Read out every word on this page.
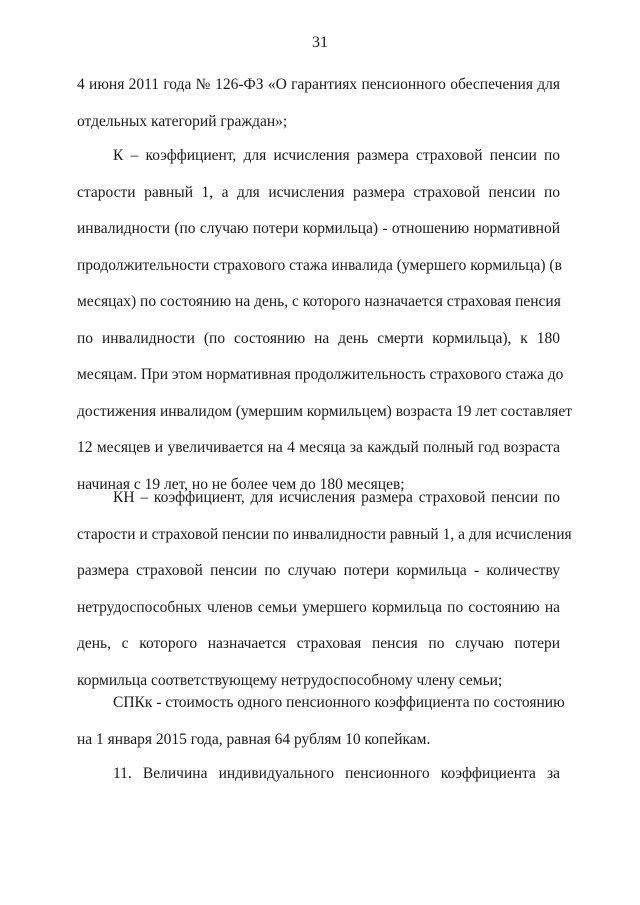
31
4 июня 2011 года № 126-ФЗ «О гарантиях пенсионного обеспечения для
отдельных категорий граждан»;
К – коэффициент, для исчисления размера страховой пенсии по
старости равный 1, а для исчисления размера страховой пенсии по
инвалидности (по случаю потери кормильца) - отношению нормативной
продолжительности страхового стажа инвалида (умершего кормильца) (в
месяцах) по состоянию на день, с которого назначается страховая пенсия
по инвалидности (по состоянию на день смерти кормильца), к 180
месяцам. При этом нормативная продолжительность страхового стажа до
достижения инвалидом (умершим кормильцем) возраста 19 лет составляет
12 месяцев и увеличивается на 4 месяца за каждый полный год возраста
начиная с 19 лет, но не более чем до 180 месяцев;
КН – коэффициент, для исчисления размера страховой пенсии по
старости и страховой пенсии по инвалидности равный 1, а для исчисления
размера страховой пенсии по случаю потери кормильца - количеству
нетрудоспособных членов семьи умершего кормильца по состоянию на
день, с которого назначается страховая пенсия по случаю потери
кормильца соответствующему нетрудоспособному члену семьи;
СПКк - стоимость одного пенсионного коэффициента по состоянию
на 1 января 2015 года, равная 64 рублям 10 копейкам.
11. Величина индивидуального пенсионного коэффициента за
